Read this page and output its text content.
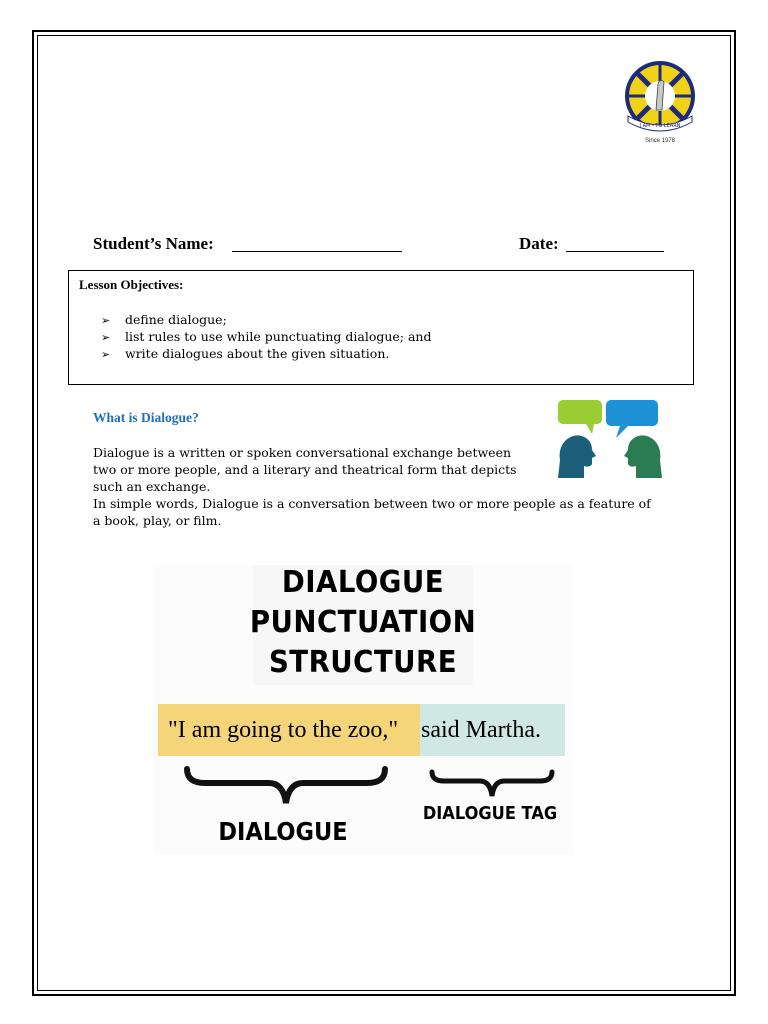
I AM - TO LEARN
Since 1978
Student’s Name:	Date:
Lesson Objectives:
➢ define dialogue;
➢ list rules to use while punctuating dialogue; and
➢ write dialogues about the given situation.
What is Dialogue?
Dialogue is a written or spoken conversational exchange between
two or more people, and a literary and theatrical form that depicts
such an exchange.
In simple words, Dialogue is a conversation between two or more people as a feature of
a book, play, or film.
DIALOGUE
PUNCTUATION
STRUCTURE
"I am going to the zoo," said Martha.
DIALOGUE
DIALOGUE TAG
